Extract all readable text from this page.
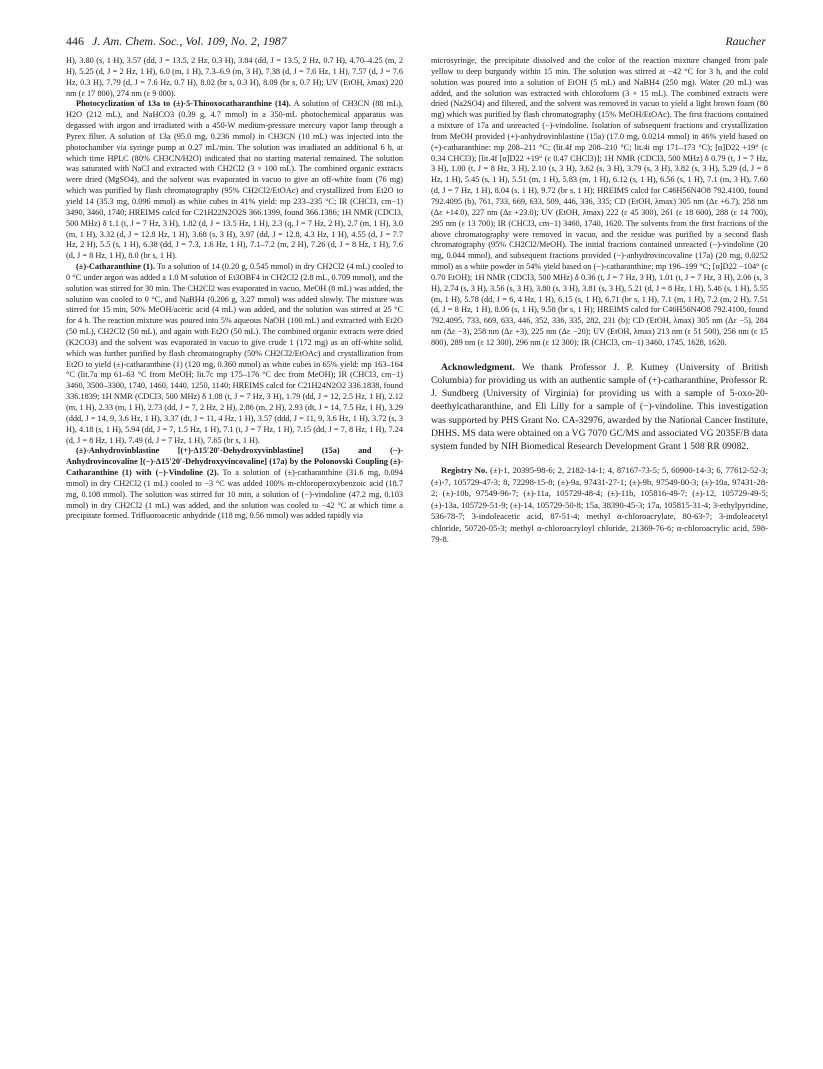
446 J. Am. Chem. Soc., Vol. 109, No. 2, 1987	Raucher

H), 3.80 (s, 1 H), 3.57 (dd, J = 13.5, 2 Hz, 0.3 H), 3.84 (dd, J = 13.5, 2 Hz, 0.7 H), 4.70–4.25 (m, 2 H), 5.25 (d, J = 2 Hz, 1 H), 6.0 (m, 1 H), 7.3–6.9 (m, 3 H), 7.38 (d, J = 7.6 Hz, 1 H), 7.57 (d, J = 7.6 Hz, 0.3 H), 7.79 (d, J = 7.6 Hz, 0.7 H), 8.02 (br s, 0.3 H), 8.09 (br s, 0.7 H); UV (EtOH, λmax) 220 nm (ε 17 800), 274 nm (ε 9 000).

Photocyclization of 13a to (±)-5-Thiooxocatharanthine (14). A solution of CH3CN (88 mL), H2O (212 mL), and NaHCO3 (0.39 g, 4.7 mmol) in a 350-mL photochemical apparatus was degassed with argon and irradiated with a 450-W medium-pressure mercury vapor lamp through a Pyrex filter. A solution of 13a (95.0 mg, 0.236 mmol) in CH3CN (10 mL) was injected into the photochamber via syringe pump at 0.27 mL/min. The solution was irradiated an additional 6 h, at which time HPLC (80% CH3CN/H2O) indicated that no starting material remained. The solution was saturated with NaCl and extracted with CH2Cl2 (3 × 100 mL). The combined organic extracts were dried (MgSO4), and the solvent was evaporated in vacuo to give an off-white foam (76 mg) which was purified by flash chromatography (95% CH2Cl2/EtOAc) and crystallized from Et2O to yield 14 (35.3 mg, 0.096 mmol) as white cubes in 41% yield: mp 233–235 °C; IR (CHCl3, cm−1) 3490, 3460, 1740; HREIMS calcd for C21H22N2O2S 366.1399, found 366.1386; 1H NMR (CDCl3, 500 MHz) δ 1.1 (t, J = 7 Hz, 3 H), 1.82 (d, J = 13.5 Hz, 1 H), 2.3 (q, J = 7 Hz, 2 H), 2.7 (m, 1 H), 3.0 (m, 1 H), 3.32 (d, J = 12.8 Hz, 1 H), 3.68 (s, 3 H), 3.97 (dd, J = 12.8, 4.3 Hz, 1 H), 4.55 (d, J = 7.7 Hz, 2 H), 5.5 (s, 1 H), 6.38 (dd, J = 7.3, 1.6 Hz, 1 H), 7.1–7.2 (m, 2 H), 7.26 (d, J = 8 Hz, 1 H), 7.6 (d, J = 8 Hz, 1 H), 8.0 (br s, 1 H).

(±)-Catharanthine (1). To a solution of 14 (0.20 g, 0.545 mmol) in dry CH2Cl2 (4 mL) cooled to 0 °C under argon was added a 1.0 M solution of Et3OBF4 in CH2Cl2 (2.8 mL, 0.709 mmol), and the solution was stirred for 30 min. The CH2Cl2 was evaporated in vacuo, MeOH (8 mL) was added, the solution was cooled to 0 °C, and NaBH4 (0.206 g, 3.27 mmol) was added slowly. The mixture was stirred for 15 min, 50% MeOH/acetic acid (4 mL) was added, and the solution was stirred at 25 °C for 4 h. The reaction mixture was poured into 5% aqueous NaOH (100 mL) and extracted with Et2O (50 mL), CH2Cl2 (50 mL), and again with Et2O (50 mL). The combined organic extracts were dried (K2CO3) and the solvent was evaporated in vacuo to give crude 1 (172 mg) as an off-white solid, which was further purified by flash chromatography (50% CH2Cl2/EtOAc) and crystallization from Et2O to yield (±)-catharanthine (1) (120 mg, 0.360 mmol) as white cubes in 65% yield: mp 163–164 °C (lit.7a mp 61–63 °C from MeOH; lit.7c mp 175–176 °C dec from MeOH); IR (CHCl3, cm−1) 3460, 3500–3300, 1740, 1460, 1440, 1250, 1140; HREIMS calcd for C21H24N2O2 336.1838, found 336.1839; 1H NMR (CDCl3, 500 MHz) δ 1.08 (t, J = 7 Hz, 3 H), 1.79 (dd, J = 12, 2.5 Hz, 1 H), 2.12 (m, 1 H), 2.33 (m, 1 H), 2.73 (dd, J = 7, 2 Hz, 2 H), 2.86 (m, 2 H), 2.93 (dt, J = 14, 7.5 Hz, 1 H), 3.29 (ddd, J = 14, 9, 3.6 Hz, 1 H), 3.37 (dt, J = 11, 4 Hz, 1 H), 3.57 (ddd, J = 11, 9, 3.6 Hz, 1 H), 3.72 (s, 3 H), 4.18 (s, 1 H), 5.94 (dd, J = 7, 1.5 Hz, 1 H), 7.1 (t, J = 7 Hz, 1 H), 7.15 (dd, J = 7, 8 Hz, 1 H), 7.24 (d, J = 8 Hz, 1 H), 7.49 (d, J = 7 Hz, 1 H), 7.65 (br s, 1 H).

(±)-Anhydrovinblastine [(+)-Δ15′20′-Dehydroxyvinblastine] (15a) and (−)-Anhydrovincovaline [(−)-Δ15′20′-Dehydroxyvincovaline] (17a) by the Polonovski Coupling (±)-Catharanthine (1) with (−)-Vindoline (2). To a solution of (±)-catharanthine (31.6 mg, 0.094 mmol) in dry CH2Cl2 (1 mL) cooled to −3 °C was added 100% m-chloroperoxybenzoic acid (18.7 mg, 0.108 mmol). The solution was stirred for 10 min, a solution of (−)-vindoline (47.2 mg, 0.103 mmol) in dry CH2Cl2 (1 mL) was added, and the solution was cooled to −42 °C at which time a precipitate formed. Trifluoroacetic anhydride (118 mg, 0.56 mmol) was added rapidly via

microsyringe, the precipitate dissolved and the color of the reaction mixture changed from pale yellow to deep burgundy within 15 min. The solution was stirred at −42 °C for 3 h, and the cold solution was poured into a solution of EtOH (5 mL) and NaBH4 (250 mg). Water (20 mL) was added, and the solution was extracted with chloroform (3 × 15 mL). The combined extracts were dried (Na2SO4) and filtered, and the solvent was removed in vacuo to yield a light brown foam (80 mg) which was purified by flash chromatography (15% MeOH/EtOAc). The first fractions contained a mixture of 17a and unreacted (−)-vindoline. Isolation of subsequent fractions and crystallization from MeOH provided (+)-anhydrovinblastine (15a) (17.0 mg, 0.0214 mmol) in 46% yield based on (+)-catharanthine: mp 208–211 °C; (lit.4f mp 208–210 °C; lit.4i mp 171–173 °C); [α]D22 +19° (c 0.34 CHCl3); [lit.4f [α]D22 +19° (c 0.47 CHCl3)]; 1H NMR (CDCl3, 500 MHz) δ 0.79 (t, J = 7 Hz, 3 H), 1.00 (t, J = 8 Hz, 3 H), 2.10 (s, 3 H), 3.62 (s, 3 H), 3.79 (s, 3 H), 3.82 (s, 3 H), 5.29 (d, J = 8 Hz, 1 H), 5.45 (s, 1 H), 5.51 (m, 1 H), 5.83 (m, 1 H), 6.12 (s, 1 H), 6.56 (s, 1 H), 7.1 (m, 3 H), 7.60 (d, J = 7 Hz, 1 H), 8.04 (s, 1 H), 9.72 (br s, 1 H); HREIMS calcd for C46H56N4O8 792.4100, found 792.4095 (b), 761, 733, 669, 633, 509, 446, 336, 335; CD (EtOH, λmax) 305 nm (Δε +6.7), 258 nm (Δε +14.0), 227 nm (Δε +23.0); UV (EtOH, λmax) 222 (ε 45 300), 261 (ε 18 600), 288 (ε 14 700), 295 nm (ε 13 700); IR (CHCl3, cm−1) 3460, 1740, 1620. The solvents from the first fractions of the above chromatography were removed in vacuo, and the residue was purified by a second flash chromatography (95% CH2Cl2/MeOH). The initial fractions contained unreacted (−)-vindoline (20 mg, 0.044 mmol), and subsequent fractions provided (−)-anhydrovincovaline (17a) (20 mg, 0.0252 mmol) as a white powder in 54% yield based on (−)-catharanthine: mp 196–199 °C; [α]D22 −104° (c 0.70 EtOH); 1H NMR (CDCl3, 500 MHz) δ 0.36 (t, J = 7 Hz, 3 H), 1.01 (t, J = 7 Hz, 3 H), 2.06 (s, 3 H), 2.74 (s, 3 H), 3.56 (s, 3 H), 3.80 (s, 3 H), 3.81 (s, 3 H), 5.21 (d, J = 8 Hz, 1 H), 5.46 (s, 1 H), 5.55 (m, 1 H), 5.78 (dd, J = 6, 4 Hz, 1 H), 6.15 (s, 1 H), 6.71 (br s, 1 H), 7.1 (m, 1 H), 7.2 (m, 2 H), 7.51 (d, J = 8 Hz, 1 H), 8.06 (s, 1 H), 9.58 (br s, 1 H); HREIMS calcd for C46H56N4O8 792.4100, found 792.4095, 733, 669, 633, 446, 352, 336, 335, 282, 231 (b); CD (EtOH, λmax) 305 nm (Δε −5), 284 nm (Δε −3), 258 nm (Δε +3), 225 nm (Δε −20); UV (EtOH, λmax) 213 nm (ε 51 500), 256 nm (ε 15 800), 289 nm (ε 12 300), 296 nm (ε 12 300); IR (CHCl3, cm−1) 3460, 1745, 1628, 1620.

Acknowledgment. We thank Professor J. P. Kutney (University of British Columbia) for providing us with an authentic sample of (+)-catharanthine, Professor R. J. Sundberg (University of Virginia) for providing us with a sample of 5-oxo-20-deethylcatharanthine, and Eli Lilly for a sample of (−)-vindoline. This investigation was supported by PHS Grant No. CA-32976, awarded by the National Cancer Institute, DHHS. MS data were obtained on a VG 7070 GC/MS and associated VG 2035F/B data system funded by NIH Biomedical Research Development Grant 1 508 RR 09082.

Registry No. (±)-1, 20395-98-6; 2, 2182-14-1; 4, 87167-73-5; 5, 60900-14-3; 6, 77612-52-3; (±)-7, 105729-47-3; 8, 72298-15-8; (±)-9a, 97431-27-1; (±)-9b, 97549-00-3; (±)-10a, 97431-28-2; (±)-10b, 97549-96-7; (±)-11a, 105729-48-4; (±)-11b, 105816-49-7; (±)-12, 105729-49-5; (±)-13a, 105729-51-9; (±)-14, 105729-50-8; 15a, 38390-45-3; 17a, 105815-31-4; 3-ethylpyridine, 536-78-7; 3-indoleacetic acid, 87-51-4; methyl α-chloroacrylate, 80-63-7; 3-indoleacetyl chloride, 50720-05-3; methyl α-chloroacryloyl chloride, 21369-76-6; α-chloroacrylic acid, 598-79-8.
